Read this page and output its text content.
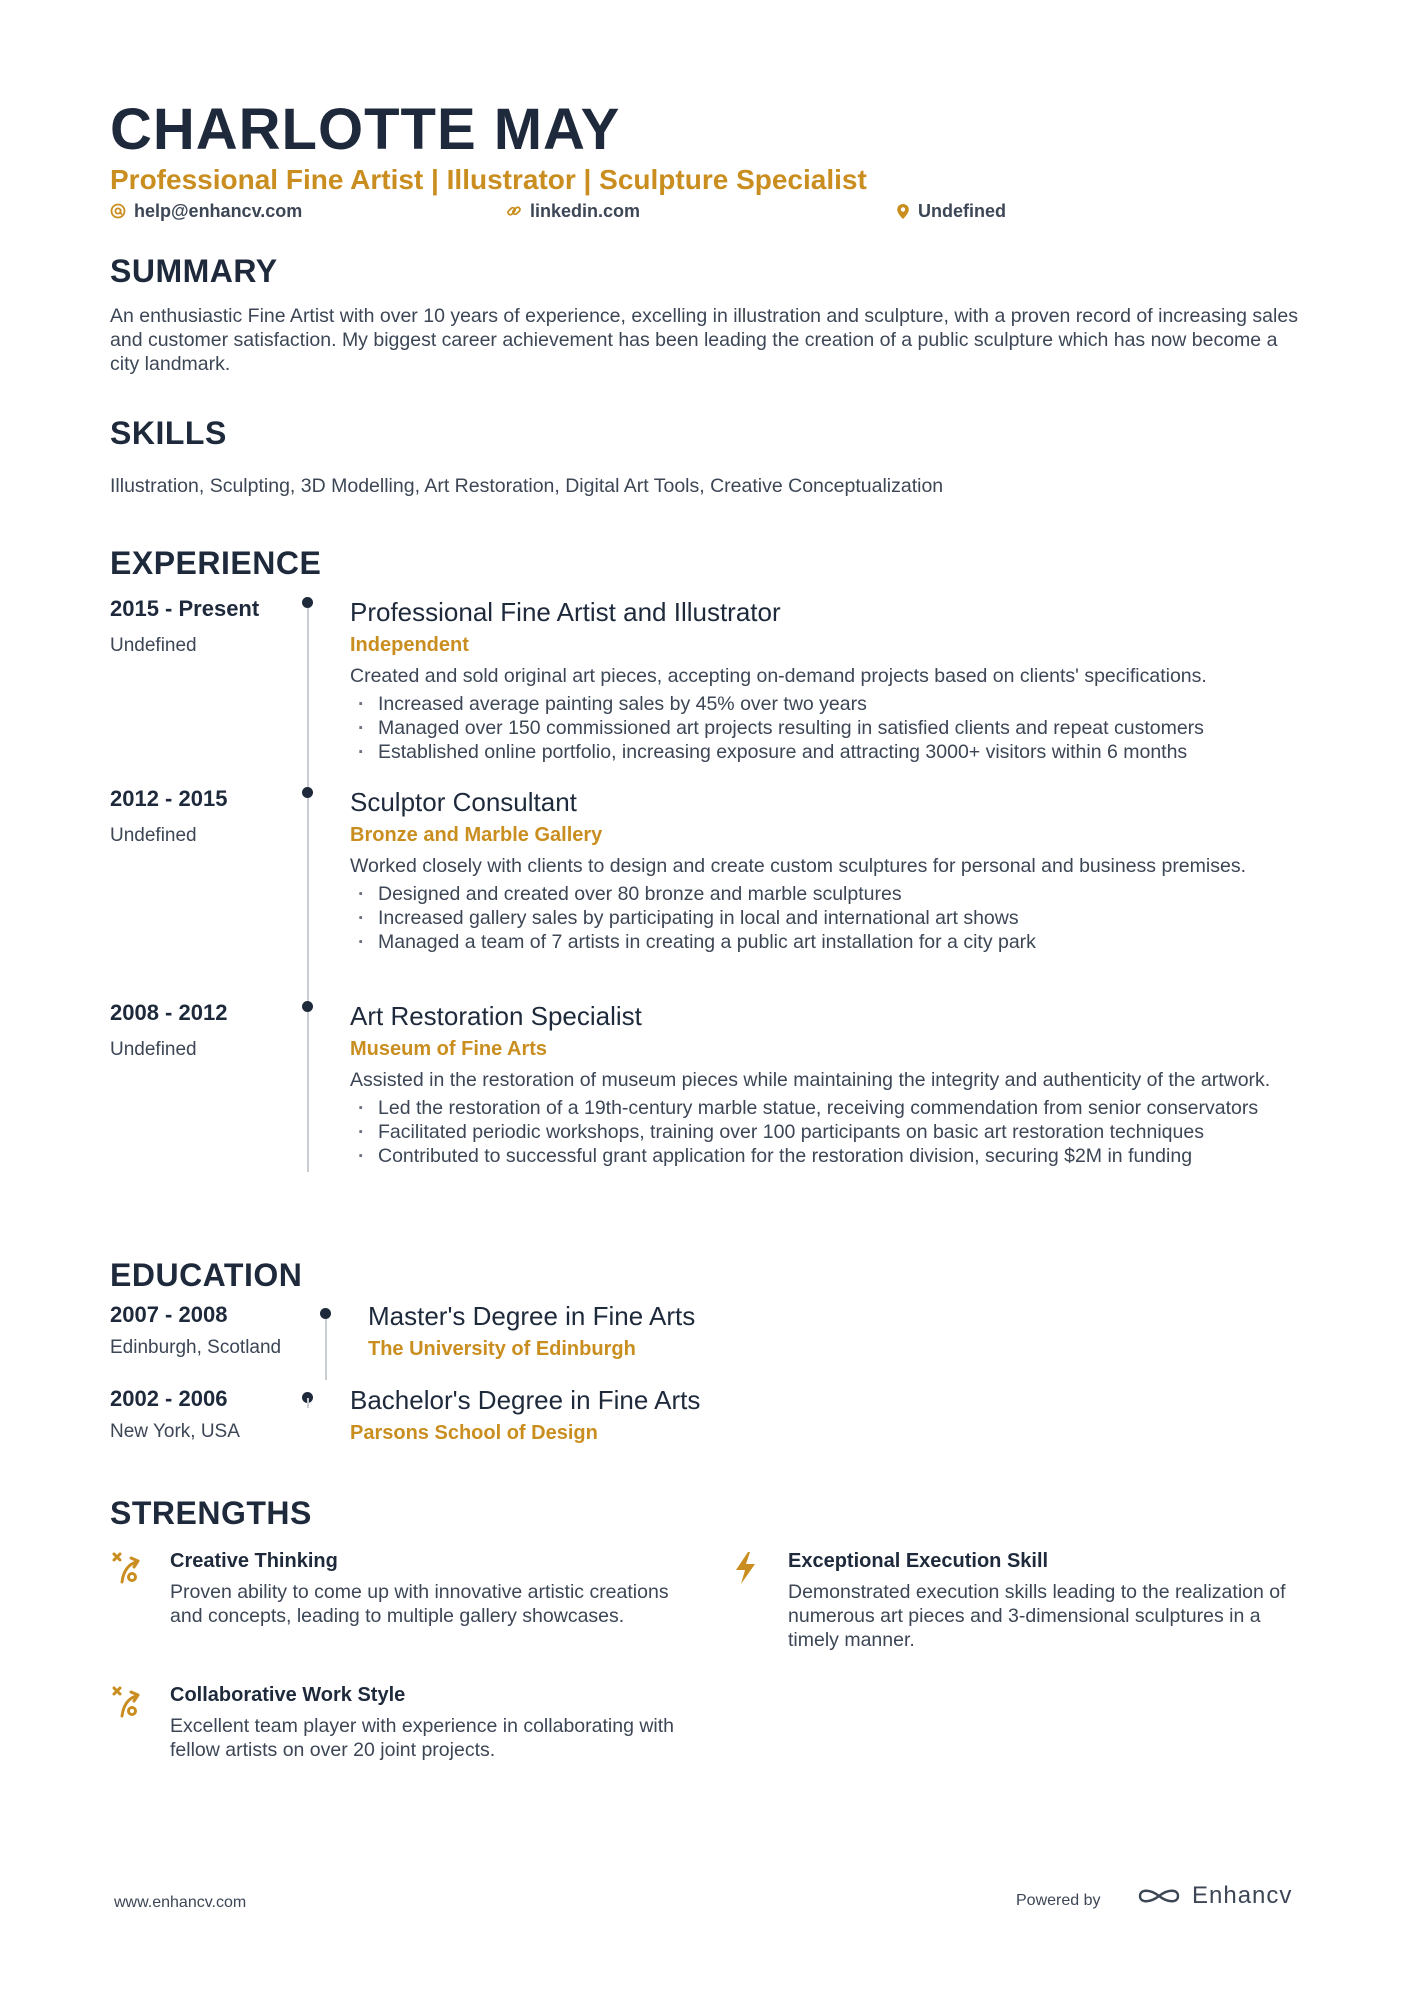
CHARLOTTE MAY
Professional Fine Artist | Illustrator | Sculpture Specialist
help@enhancv.com	linkedin.com	Undefined
SUMMARY
An enthusiastic Fine Artist with over 10 years of experience, excelling in illustration and sculpture, with a proven record of increasing sales and customer satisfaction. My biggest career achievement has been leading the creation of a public sculpture which has now become a city landmark.
SKILLS
Illustration, Sculpting, 3D Modelling, Art Restoration, Digital Art Tools, Creative Conceptualization
EXPERIENCE
2015 - Present
Undefined
Professional Fine Artist and Illustrator
Independent
Created and sold original art pieces, accepting on-demand projects based on clients' specifications.
· Increased average painting sales by 45% over two years
· Managed over 150 commissioned art projects resulting in satisfied clients and repeat customers
· Established online portfolio, increasing exposure and attracting 3000+ visitors within 6 months
2012 - 2015
Undefined
Sculptor Consultant
Bronze and Marble Gallery
Worked closely with clients to design and create custom sculptures for personal and business premises.
· Designed and created over 80 bronze and marble sculptures
· Increased gallery sales by participating in local and international art shows
· Managed a team of 7 artists in creating a public art installation for a city park
2008 - 2012
Undefined
Art Restoration Specialist
Museum of Fine Arts
Assisted in the restoration of museum pieces while maintaining the integrity and authenticity of the artwork.
· Led the restoration of a 19th-century marble statue, receiving commendation from senior conservators
· Facilitated periodic workshops, training over 100 participants on basic art restoration techniques
· Contributed to successful grant application for the restoration division, securing $2M in funding
EDUCATION
2007 - 2008
Edinburgh, Scotland
Master's Degree in Fine Arts
The University of Edinburgh
2002 - 2006
New York, USA
Bachelor's Degree in Fine Arts
Parsons School of Design
STRENGTHS
Creative Thinking
Proven ability to come up with innovative artistic creations and concepts, leading to multiple gallery showcases.
Exceptional Execution Skill
Demonstrated execution skills leading to the realization of numerous art pieces and 3-dimensional sculptures in a timely manner.
Collaborative Work Style
Excellent team player with experience in collaborating with fellow artists on over 20 joint projects.
www.enhancv.com	Powered by	Enhancv
